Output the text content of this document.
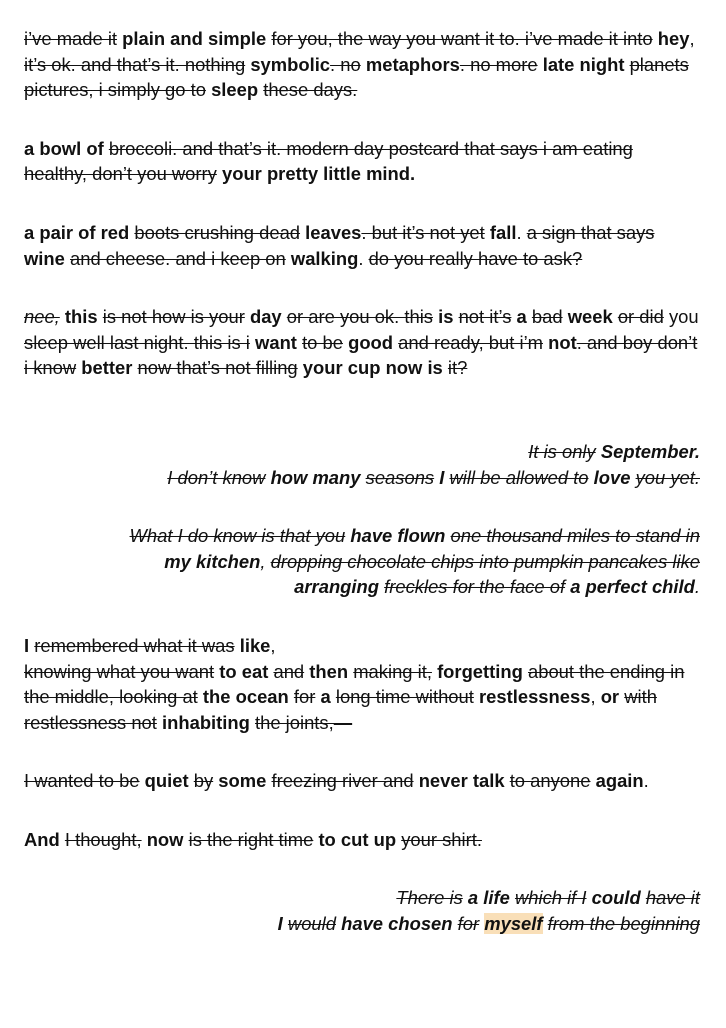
i’ve made it plain and simple for you, the way you want it to. i’ve made it into hey, it’s ok. and that’s it. nothing symbolic. no metaphors. no more late night planets pictures, i simply go to sleep these days.

a bowl of broccoli. and that’s it. modern day postcard that says i am eating healthy, don’t you worry your pretty little mind.

a pair of red boots crushing dead leaves. but it’s not yet fall. a sign that says wine and cheese. and i keep on walking. do you really have to ask?

nee, this is not how is your day or are you ok. this is not it’s a bad week or did you sleep well last night. this is i want to be good and ready, but i’m not. and boy don’t i know better now that’s not filling your cup now is it?

It is only September.
I don’t know how many seasons I will be allowed to love you yet.

What I do know is that you have flown one thousand miles to stand in
my kitchen, dropping chocolate chips into pumpkin pancakes like
arranging freckles for the face of a perfect child.

I remembered what it was like,
knowing what you want to eat and then making it, forgetting about the ending in the middle, looking at the ocean for a long time without restlessness, or with restlessness not inhabiting the joints,—

I wanted to be quiet by some freezing river and never talk to anyone again.

And I thought, now is the right time to cut up your shirt.

There is a life which if I could have it
I would have chosen for myself from the beginning
